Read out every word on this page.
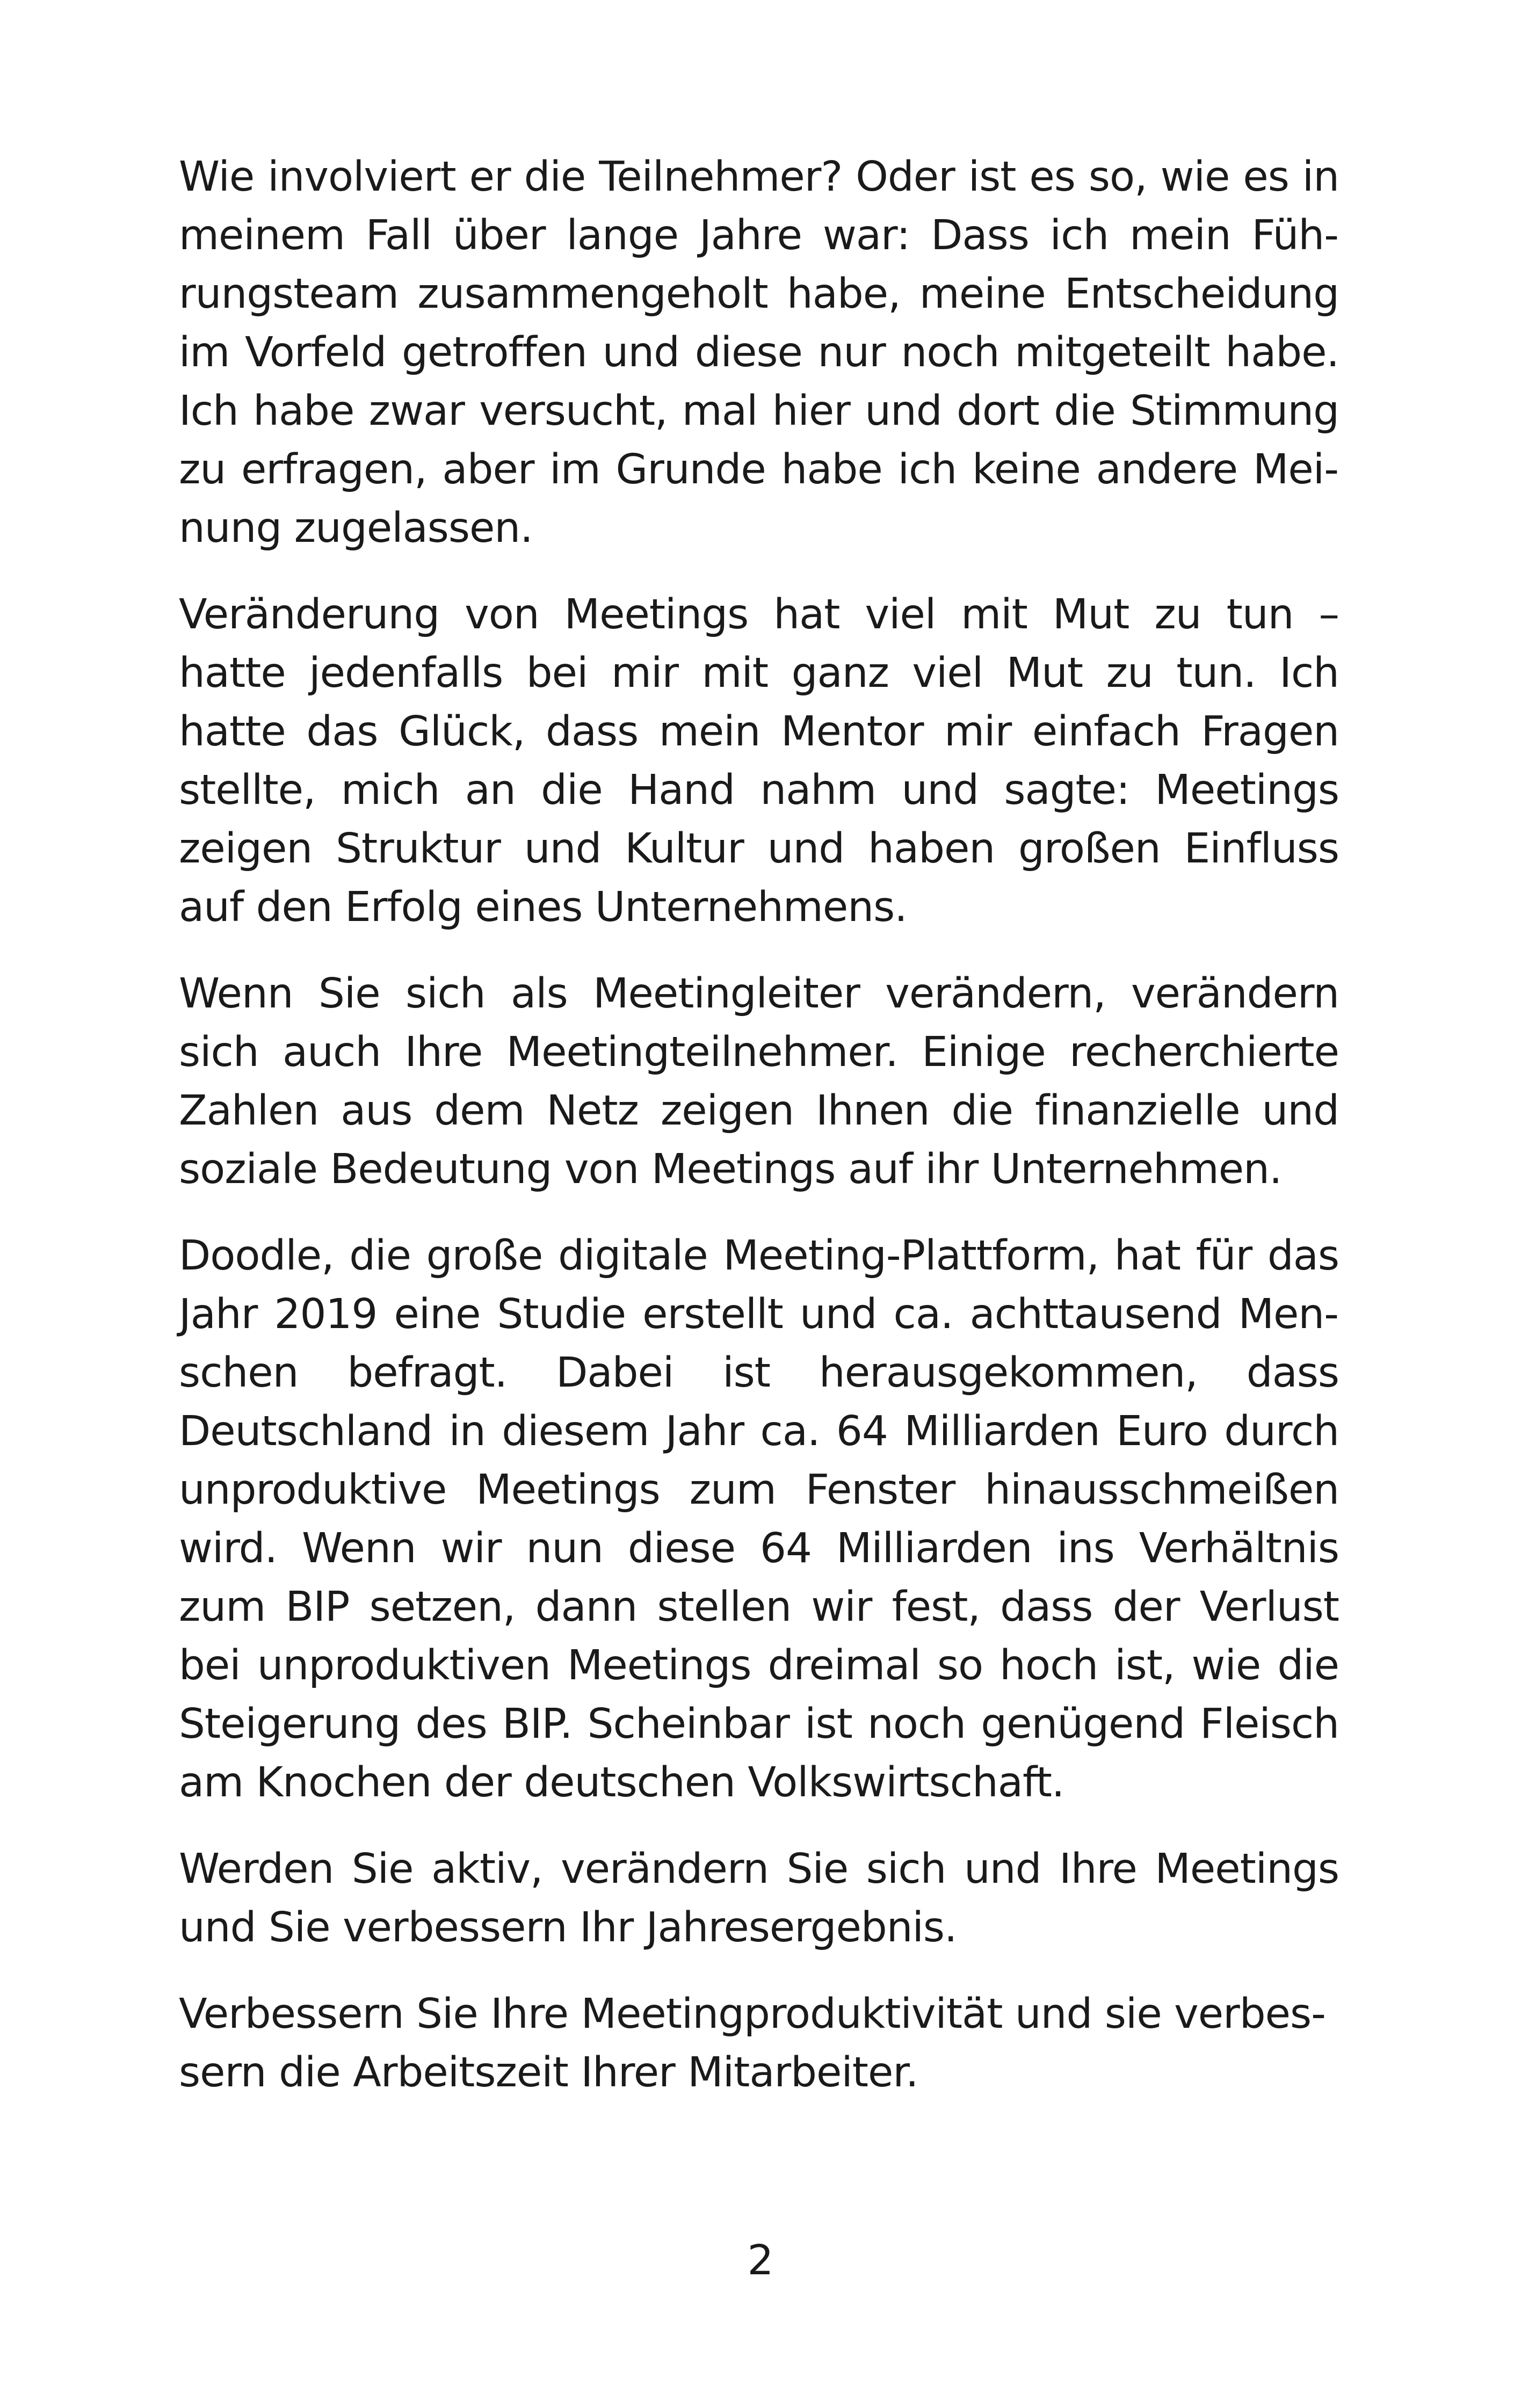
Wie involviert er die Teilnehmer? Oder ist es so, wie es in meinem Fall über lange Jahre war: Dass ich mein Führungsteam zusammengeholt habe, meine Entscheidung im Vorfeld getroffen und diese nur noch mitgeteilt habe. Ich habe zwar versucht, mal hier und dort die Stimmung zu erfragen, aber im Grunde habe ich keine andere Meinung zugelassen.

Veränderung von Meetings hat viel mit Mut zu tun – hatte jedenfalls bei mir mit ganz viel Mut zu tun. Ich hatte das Glück, dass mein Mentor mir einfach Fragen stellte, mich an die Hand nahm und sagte: Meetings zeigen Struktur und Kultur und haben großen Einfluss auf den Erfolg eines Unternehmens.

Wenn Sie sich als Meetingleiter verändern, verändern sich auch Ihre Meetingteilnehmer. Einige recherchierte Zahlen aus dem Netz zeigen Ihnen die finanzielle und soziale Bedeutung von Meetings auf ihr Unternehmen.

Doodle, die große digitale Meeting-Plattform, hat für das Jahr 2019 eine Studie erstellt und ca. achttausend Menschen befragt. Dabei ist herausgekommen, dass Deutschland in diesem Jahr ca. 64 Milliarden Euro durch unproduktive Meetings zum Fenster hinausschmeißen wird. Wenn wir nun diese 64 Milliarden ins Verhältnis zum BIP setzen, dann stellen wir fest, dass der Verlust bei unproduktiven Meetings dreimal so hoch ist, wie die Steigerung des BIP. Scheinbar ist noch genügend Fleisch am Knochen der deutschen Volkswirtschaft.

Werden Sie aktiv, verändern Sie sich und Ihre Meetings und Sie verbessern Ihr Jahresergebnis.

Verbessern Sie Ihre Meetingproduktivität und sie verbessern die Arbeitszeit Ihrer Mitarbeiter.

2
